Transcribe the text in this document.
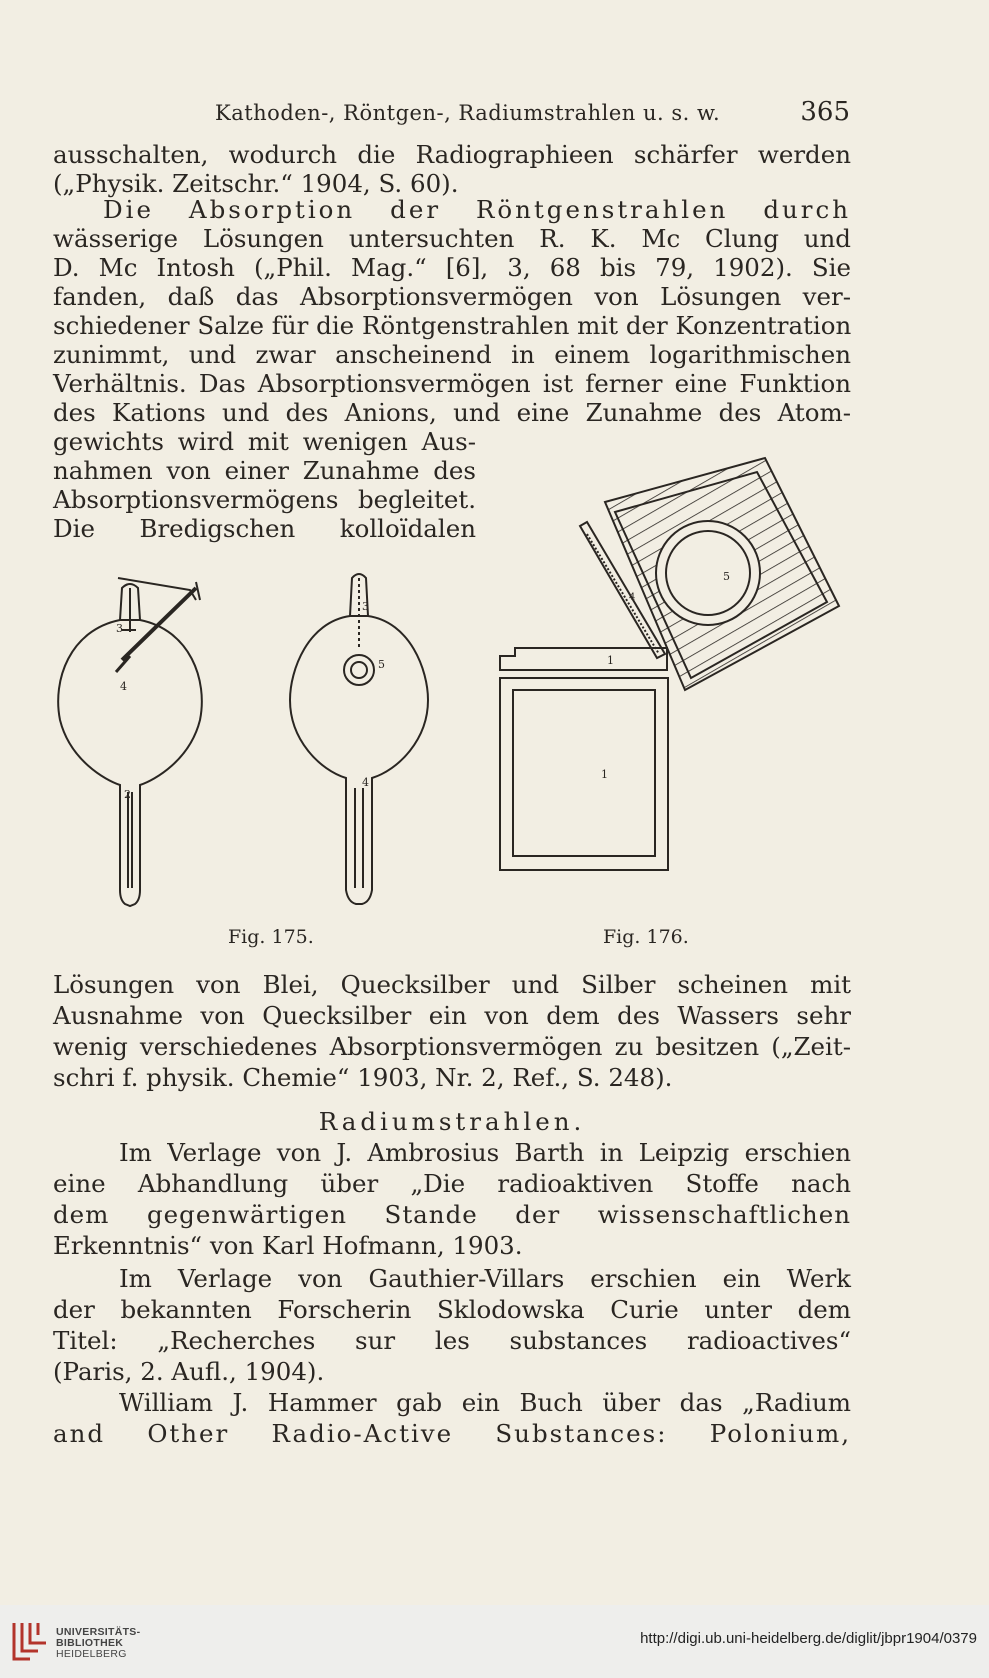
Kathoden-, Röntgen-, Radiumstrahlen u. s. w.	365
ausschalten, wodurch die Radiographieen schärfer werden
(„Physik. Zeitschr.“ 1904, S. 60).
Die Absorption der Röntgenstrahlen durch
wässerige Lösungen untersuchten R. K. Mc Clung und
D. Mc Intosh („Phil. Mag.“ [6], 3, 68 bis 79, 1902). Sie
fanden, daß das Absorptionsvermögen von Lösungen ver-
schiedener Salze für die Röntgenstrahlen mit der Konzentration
zunimmt, und zwar anscheinend in einem logarithmischen
Verhältnis. Das Absorptionsvermögen ist ferner eine Funktion
des Kations und des Anions, und eine Zunahme des Atom-
gewichts wird mit wenigen Aus-
nahmen von einer Zunahme des
Absorptionsvermögens begleitet.
Die Bredigschen kolloïdalen
3
4
2
3
5
4
5
4
1
1
Fig. 175.	Fig. 176.
Lösungen von Blei, Quecksilber und Silber scheinen mit
Ausnahme von Quecksilber ein von dem des Wassers sehr
wenig verschiedenes Absorptionsvermögen zu besitzen („Zeit-
schri f. physik. Chemie“ 1903, Nr. 2, Ref., S. 248).
Radiumstrahlen.
Im Verlage von J. Ambrosius Barth in Leipzig erschien
eine Abhandlung über „Die radioaktiven Stoffe nach
dem gegenwärtigen Stande der wissenschaftlichen
Erkenntnis“ von Karl Hofmann, 1903.
Im Verlage von Gauthier-Villars erschien ein Werk
der bekannten Forscherin Sklodowska Curie unter dem
Titel: „Recherches sur les substances radioactives“
(Paris, 2. Aufl., 1904).
William J. Hammer gab ein Buch über das „Radium
and Other Radio-Active Substances: Polonium,
UNIVERSITÄTS-
BIBLIOTHEK
HEIDELBERG
http://digi.ub.uni-heidelberg.de/diglit/jbpr1904/0379
